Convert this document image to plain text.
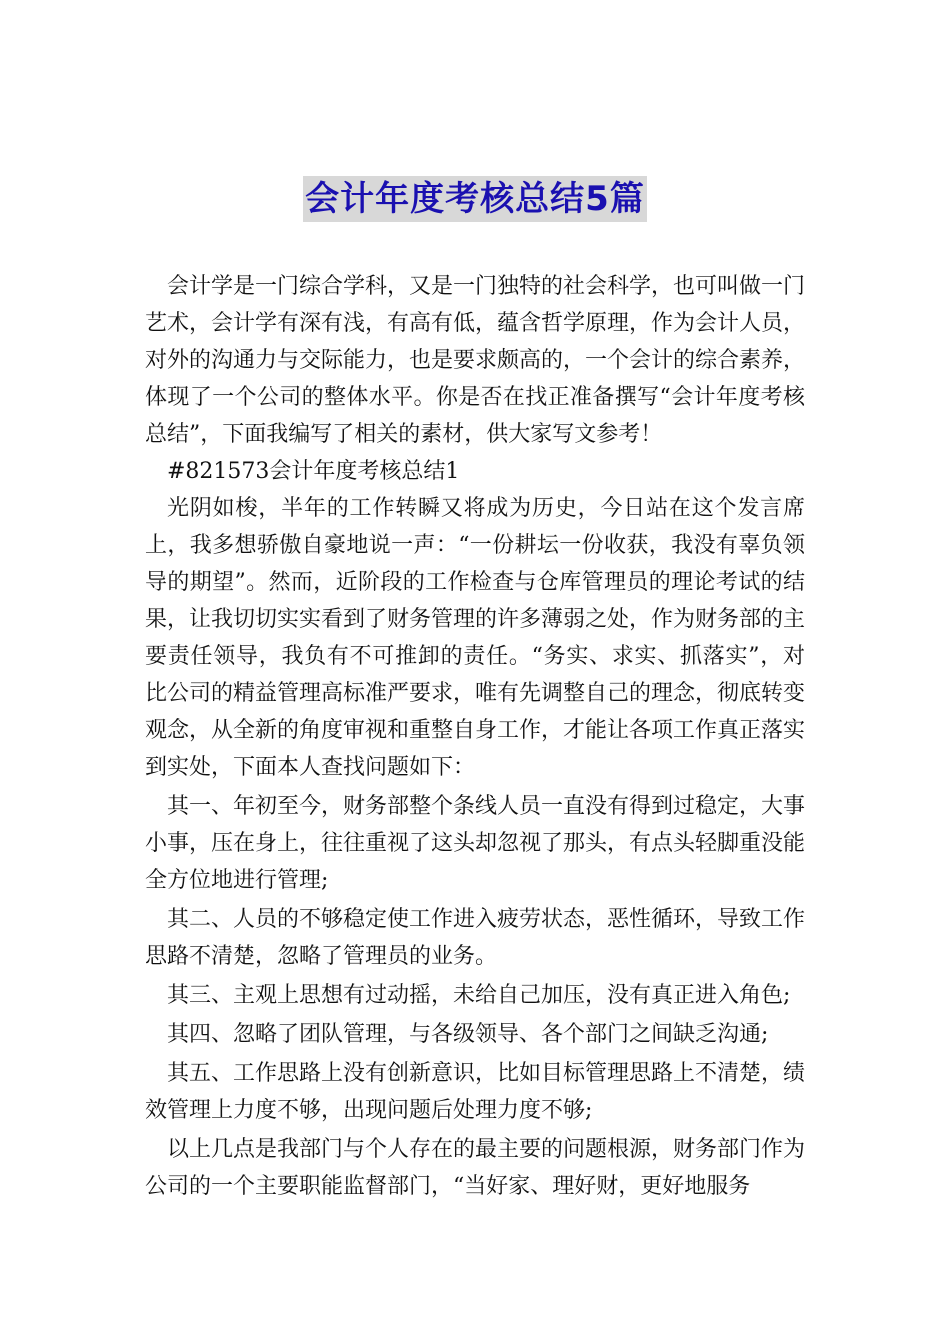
会计年度考核总结5篇

会计学是一门综合学科，又是一门独特的社会科学，也可叫做一门艺术，会计学有深有浅，有高有低，蕴含哲学原理，作为会计人员，对外的沟通力与交际能力，也是要求颇高的，一个会计的综合素养，体现了一个公司的整体水平。你是否在找正准备撰写“会计年度考核总结”，下面我编写了相关的素材，供大家写文参考！

#821573会计年度考核总结1

光阴如梭，半年的工作转瞬又将成为历史，今日站在这个发言席上，我多想骄傲自豪地说一声：“一份耕坛一份收获，我没有辜负领导的期望”。然而，近阶段的工作检查与仓库管理员的理论考试的结果，让我切切实实看到了财务管理的许多薄弱之处，作为财务部的主要责任领导，我负有不可推卸的责任。“务实、求实、抓落实”，对比公司的精益管理高标准严要求，唯有先调整自己的理念，彻底转变观念，从全新的角度审视和重整自身工作，才能让各项工作真正落实到实处，下面本人查找问题如下：

其一、年初至今，财务部整个条线人员一直没有得到过稳定，大事小事，压在身上，往往重视了这头却忽视了那头，有点头轻脚重没能全方位地进行管理;

其二、人员的不够稳定使工作进入疲劳状态，恶性循环，导致工作思路不清楚，忽略了管理员的业务。

其三、主观上思想有过动摇，未给自己加压，没有真正进入角色;

其四、忽略了团队管理，与各级领导、各个部门之间缺乏沟通;

其五、工作思路上没有创新意识，比如目标管理思路上不清楚，绩效管理上力度不够，出现问题后处理力度不够;

以上几点是我部门与个人存在的最主要的问题根源，财务部门作为公司的一个主要职能监督部门，“当好家、理好财，更好地服务
